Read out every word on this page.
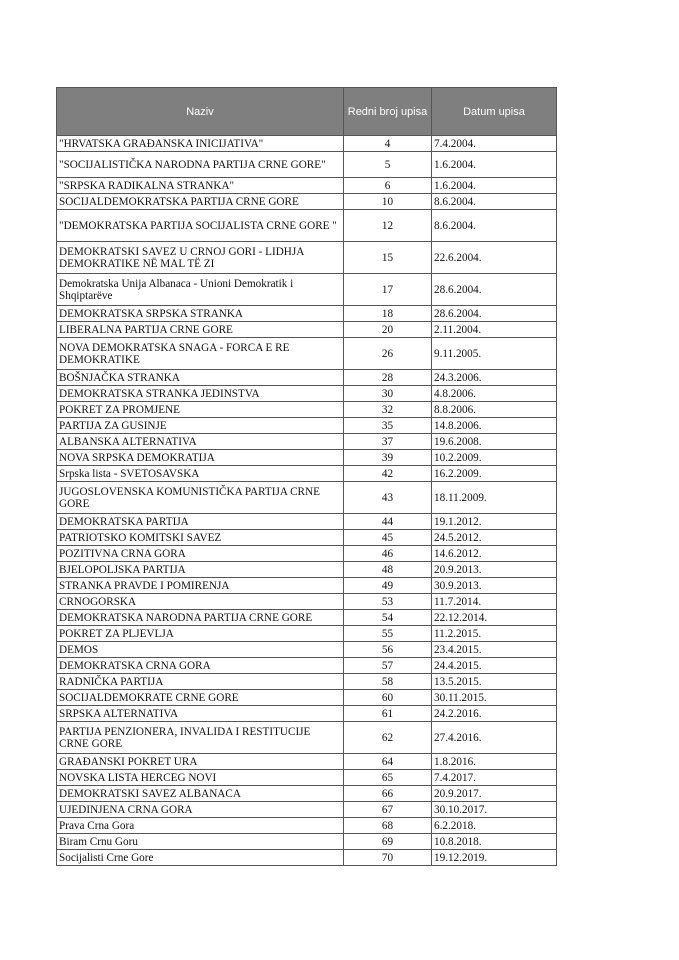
Naziv	Redni broj upisa	Datum upisa
"HRVATSKA GRAĐANSKA INICIJATIVA"	4	7.4.2004.
"SOCIJALISTIČKA NARODNA PARTIJA CRNE GORE"	5	1.6.2004.
"SRPSKA RADIKALNA STRANKA"	6	1.6.2004.
SOCIJALDEMOKRATSKA PARTIJA CRNE GORE	10	8.6.2004.
"DEMOKRATSKA PARTIJA SOCIJALISTA CRNE GORE "	12	8.6.2004.
DEMOKRATSKI SAVEZ U CRNOJ GORI - LIDHJA DEMOKRATIKE NË MAL TË ZI	15	22.6.2004.
Demokratska Unija Albanaca - Unioni Demokratik i Shqiptarëve	17	28.6.2004.
DEMOKRATSKA SRPSKA STRANKA	18	28.6.2004.
LIBERALNA PARTIJA CRNE GORE	20	2.11.2004.
NOVA DEMOKRATSKA SNAGA - FORCA E RE DEMOKRATIKE	26	9.11.2005.
BOŠNJAČKA STRANKA	28	24.3.2006.
DEMOKRATSKA STRANKA JEDINSTVA	30	4.8.2006.
POKRET ZA PROMJENE	32	8.8.2006.
PARTIJA ZA GUSINJE	35	14.8.2006.
ALBANSKA ALTERNATIVA	37	19.6.2008.
NOVA SRPSKA DEMOKRATIJA	39	10.2.2009.
Srpska lista - SVETOSAVSKA	42	16.2.2009.
JUGOSLOVENSKA KOMUNISTIČKA PARTIJA CRNE GORE	43	18.11.2009.
DEMOKRATSKA PARTIJA	44	19.1.2012.
PATRIOTSKO KOMITSKI SAVEZ	45	24.5.2012.
POZITIVNA CRNA GORA	46	14.6.2012.
BJELOPOLJSKA PARTIJA	48	20.9.2013.
STRANKA PRAVDE I POMIRENJA	49	30.9.2013.
CRNOGORSKA	53	11.7.2014.
DEMOKRATSKA NARODNA PARTIJA CRNE GORE	54	22.12.2014.
POKRET ZA PLJEVLJA	55	11.2.2015.
DEMOS	56	23.4.2015.
DEMOKRATSKA CRNA GORA	57	24.4.2015.
RADNIČKA PARTIJA	58	13.5.2015.
SOCIJALDEMOKRATE CRNE GORE	60	30.11.2015.
SRPSKA ALTERNATIVA	61	24.2.2016.
PARTIJA PENZIONERA, INVALIDA I RESTITUCIJE CRNE GORE	62	27.4.2016.
GRAĐANSKI POKRET URA	64	1.8.2016.
NOVSKA LISTA HERCEG NOVI	65	7.4.2017.
DEMOKRATSKI SAVEZ ALBANACA	66	20.9.2017.
UJEDINJENA CRNA GORA	67	30.10.2017.
Prava Crna Gora	68	6.2.2018.
Biram Crnu Goru	69	10.8.2018.
Socijalisti Crne Gore	70	19.12.2019.
